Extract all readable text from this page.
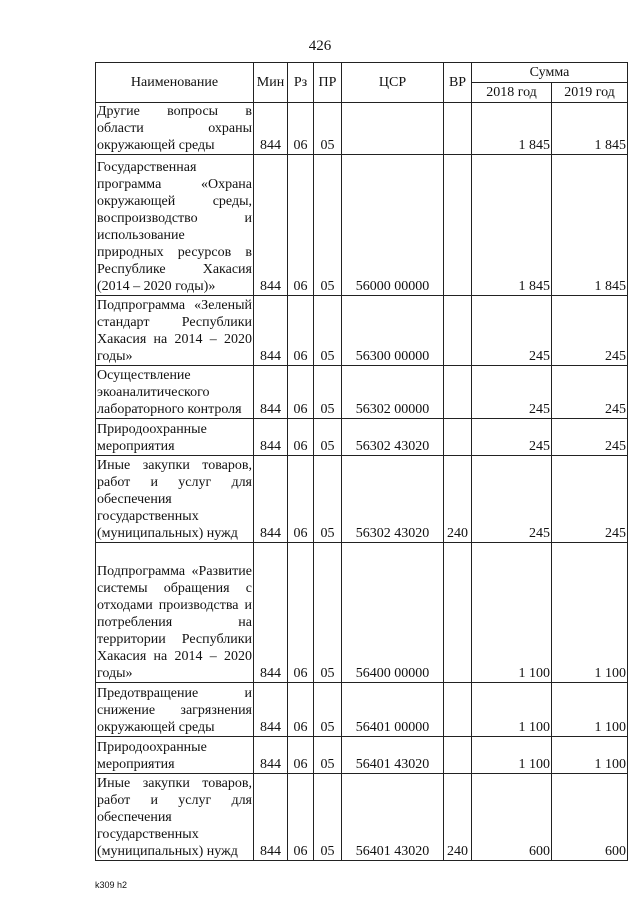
426
Наименование	Мин	Рз	ПР	ЦСР	ВР	Сумма	
						2018 год	2019 год
Другие вопросы в области охраны окружающей среды	844	06	05			1 845	1 845
Государственная программа «Охрана окружающей среды, воспроизводство и использование природных ресурсов в Республике Хакасия (2014 – 2020 годы)»	844	06	05	56000 00000		1 845	1 845
Подпрограмма «Зеленый стандарт Республики Хакасия на 2014 – 2020 годы»	844	06	05	56300 00000		245	245
Осуществление экоаналитического лабораторного контроля	844	06	05	56302 00000		245	245
Природоохранные мероприятия	844	06	05	56302 43020		245	245
Иные закупки товаров, работ и услуг для обеспечения государственных (муниципальных) нужд	844	06	05	56302 43020	240	245	245
Подпрограмма «Развитие системы обращения с отходами производства и потребления на территории Республики Хакасия на 2014 – 2020 годы»	844	06	05	56400 00000		1 100	1 100
Предотвращение и снижение загрязнения окружающей среды	844	06	05	56401 00000		1 100	1 100
Природоохранные мероприятия	844	06	05	56401 43020		1 100	1 100
Иные закупки товаров, работ и услуг для обеспечения государственных (муниципальных) нужд	844	06	05	56401 43020	240	600	600
k309 h2
